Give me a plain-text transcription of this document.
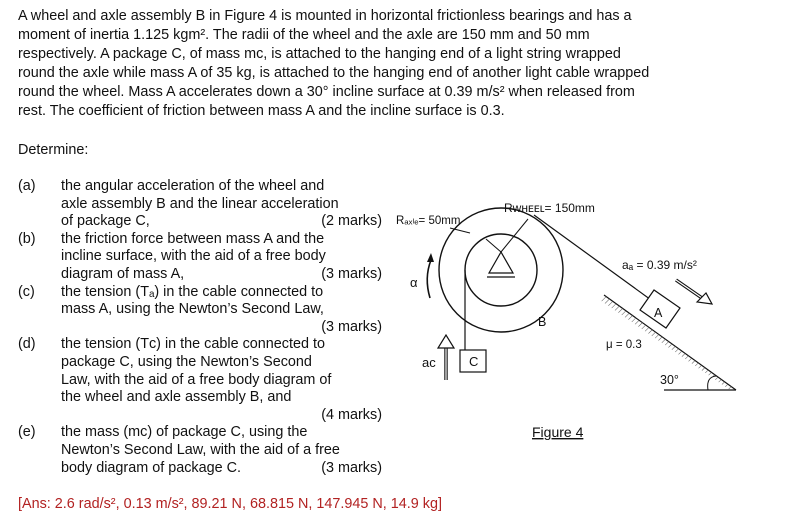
A wheel and axle assembly B in Figure 4 is mounted in horizontal frictionless bearings and has a
moment of inertia 1.125 kgm². The radii of the wheel and the axle are 150 mm and 50 mm
respectively. A package C, of mass mᴄ, is attached to the hanging end of a light string wrapped
round the axle while mass A of 35 kg, is attached to the hanging end of another light cable wrapped
round the wheel. Mass A accelerates down a 30° incline surface at 0.39 m/s² when released from
rest. The coefficient of friction between mass A and the incline surface is 0.3.

Determine:

(a)	the angular acceleration of the wheel and
axle assembly B and the linear acceleration
of package C,	(2 marks)
(b)	the friction force between mass A and the
incline surface, with the aid of a free body
diagram of mass A,	(3 marks)
(c)	the tension (Tₐ) in the cable connected to
mass A, using the Newton’s Second Law,
(3 marks)
(d)	the tension (Tᴄ) in the cable connected to
package C, using the Newton’s Second
Law, with the aid of a free body diagram of
the wheel and axle assembly B, and
(4 marks)
(e)	the mass (mᴄ) of package C, using the
Newton’s Second Law, with the aid of a free
body diagram of package C.	(3 marks)

[Ans: 2.6 rad/s², 0.13 m/s², 89.21 N, 68.815 N, 147.945 N, 14.9 kg]

C
aᴄ
α
Rᴡʜᴇᴇʟ= 150mm
Rₐₓₗₑ= 50mm
B
30°
μ = 0.3
A
aₐ = 0.39 m/s²
Figure 4
